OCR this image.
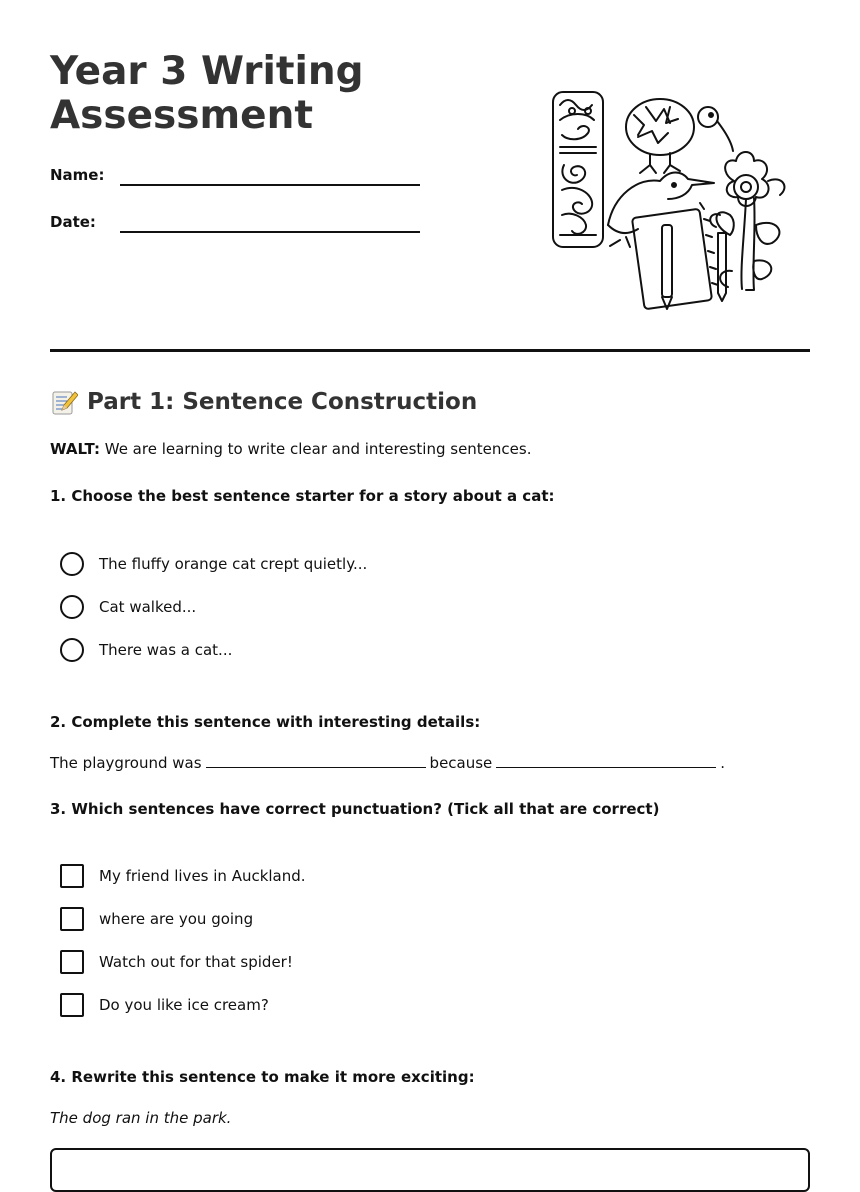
Year 3 Writing Assessment
Name:
Date:
Part 1: Sentence Construction
WALT: We are learning to write clear and interesting sentences.
1. Choose the best sentence starter for a story about a cat:
The fluffy orange cat crept quietly...
Cat walked...
There was a cat...
2. Complete this sentence with interesting details:
The playground was	because	.
3. Which sentences have correct punctuation? (Tick all that are correct)
My friend lives in Auckland.
where are you going
Watch out for that spider!
Do you like ice cream?
4. Rewrite this sentence to make it more exciting:
The dog ran in the park.
